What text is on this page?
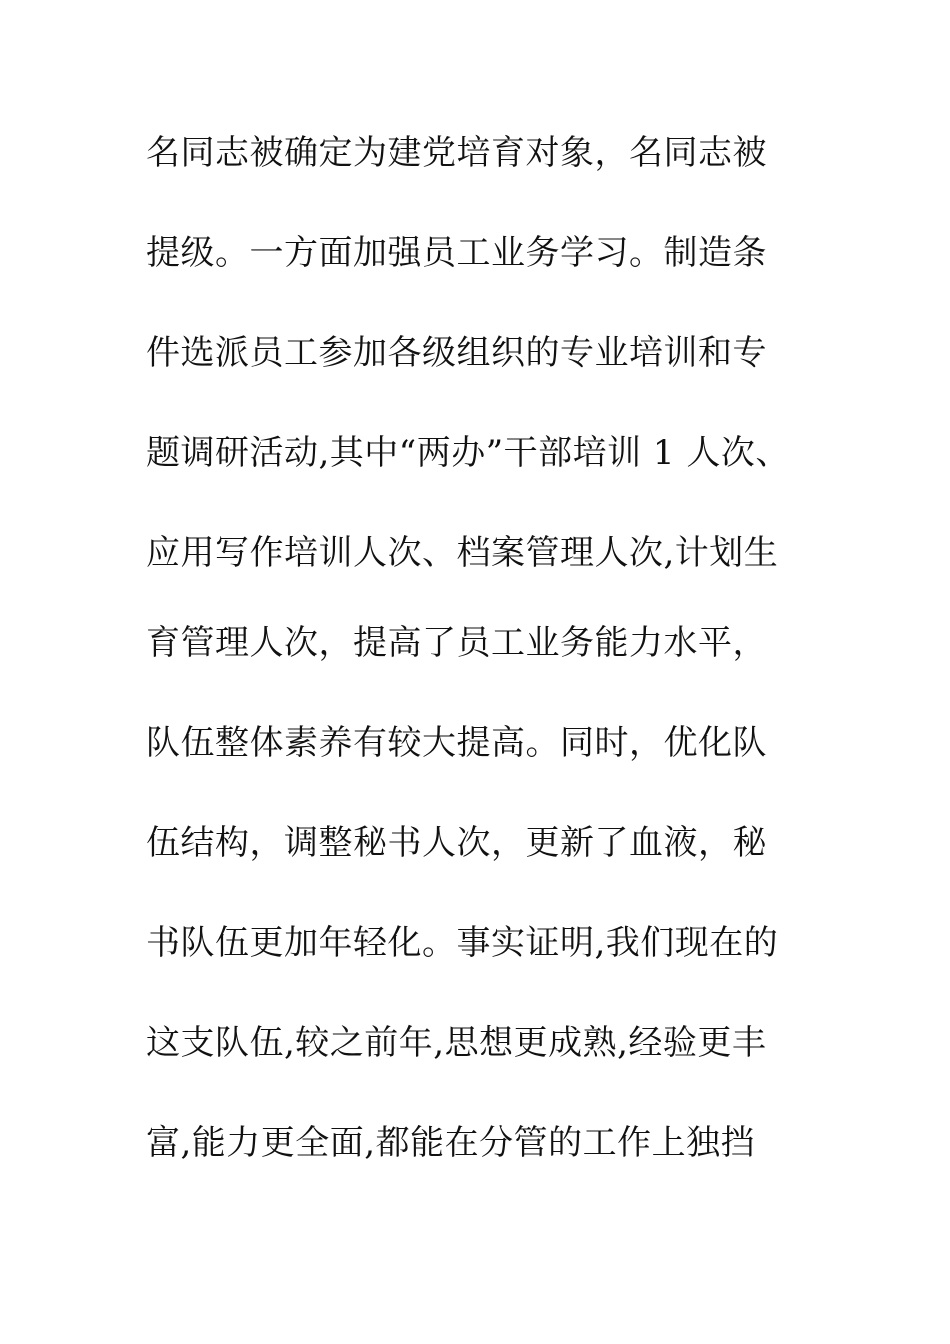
名同志被确定为建党培育对象，名同志被
提级。一方面加强员工业务学习。制造条
件选派员工参加各级组织的专业培训和专
题调研活动,其中“两办”干部培训 1 人次、
应用写作培训人次、档案管理人次,计划生
育管理人次，提高了员工业务能力水平，
队伍整体素养有较大提高。同时，优化队
伍结构，调整秘书人次，更新了血液，秘
书队伍更加年轻化。事实证明,我们现在的
这支队伍,较之前年,思想更成熟,经验更丰
富,能力更全面,都能在分管的工作上独挡
